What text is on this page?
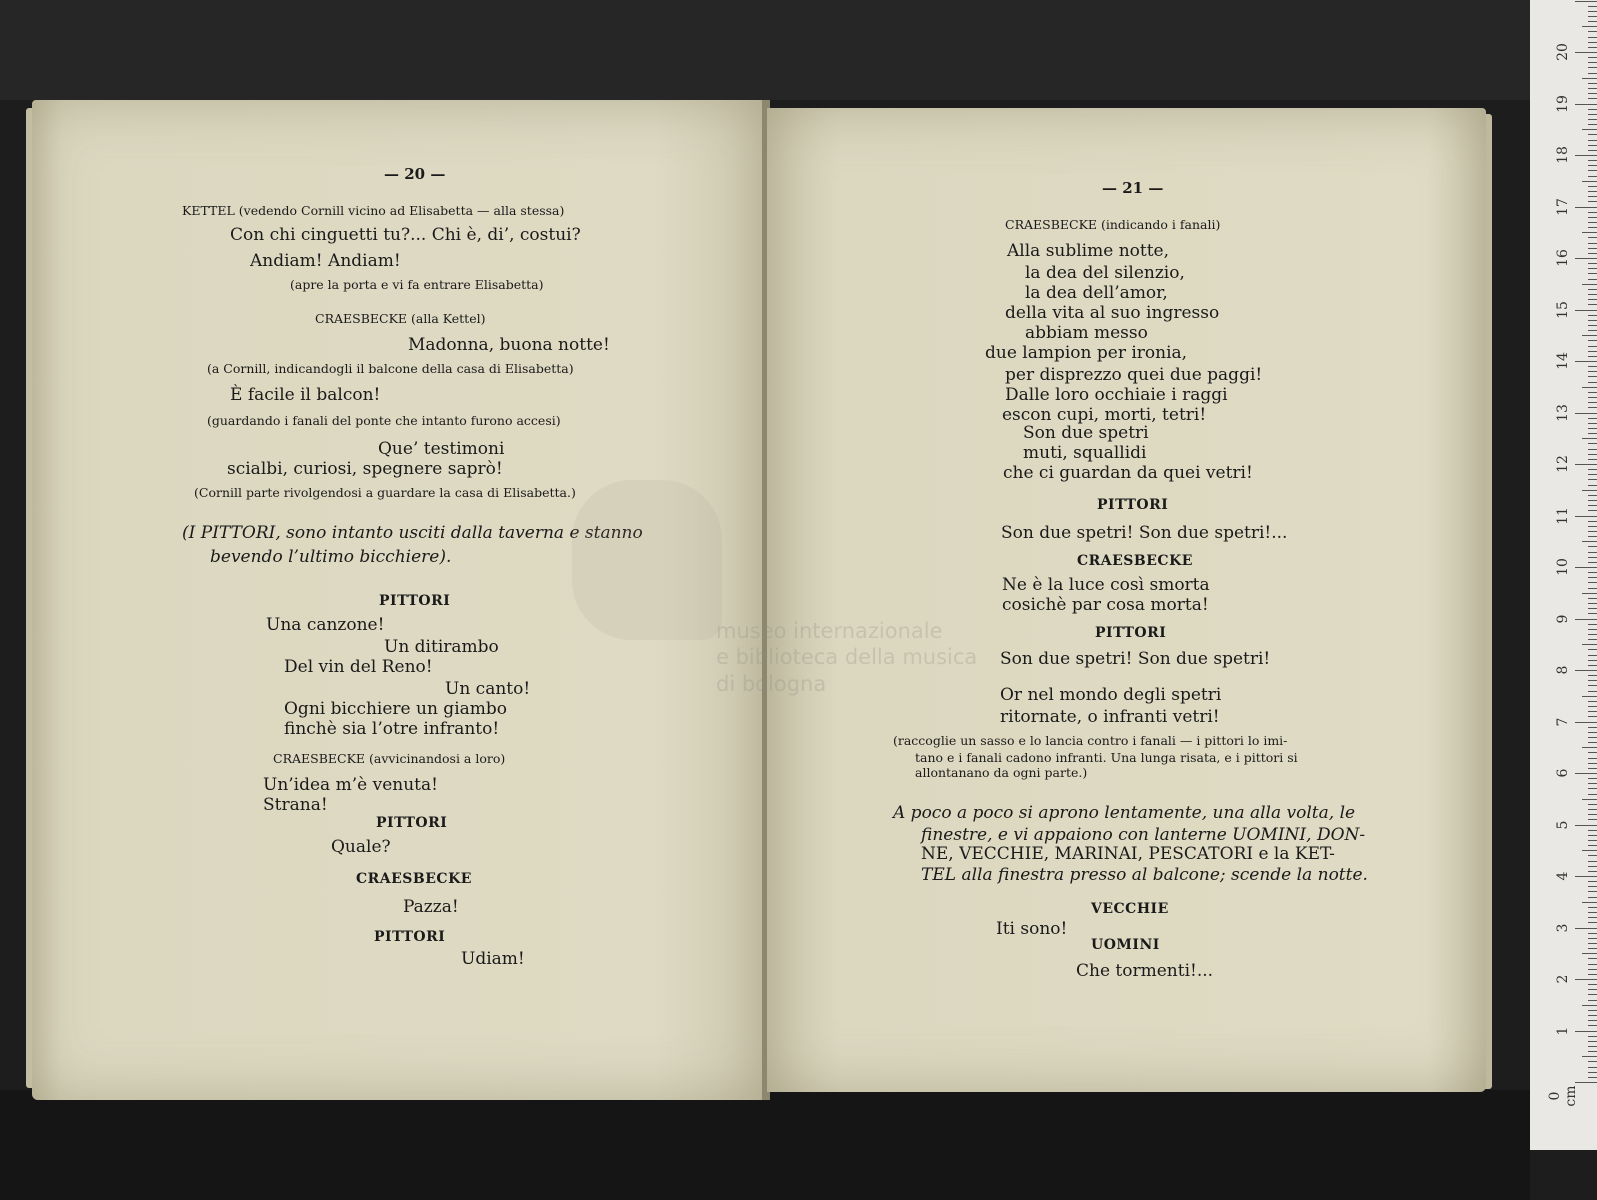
— 20 —
KETTEL (vedendo Cornill vicino ad Elisabetta — alla stessa)
Con chi cinguetti tu?... Chi è, di’, costui?
Andiam! Andiam!
(apre la porta e vi fa entrare Elisabetta)
CRAESBECKE (alla Kettel)
Madonna, buona notte!
(a Cornill, indicandogli il balcone della casa di Elisabetta)
È facile il balcon!
(guardando i fanali del ponte che intanto furono accesi)
Que’ testimoni
scialbi, curiosi, spegnere saprò!
(Cornill parte rivolgendosi a guardare la casa di Elisabetta.)
(I PITTORI, sono intanto usciti dalla taverna e stanno
bevendo l’ultimo bicchiere).
PITTORI
Una canzone!
Un ditirambo
Del vin del Reno!
Un canto!
Ogni bicchiere un giambo
finchè sia l’otre infranto!
CRAESBECKE (avvicinandosi a loro)
Un’idea m’è venuta!
Strana!
PITTORI
Quale?
CRAESBECKE
Pazza!
PITTORI
Udiam!
— 21 —
CRAESBECKE (indicando i fanali)
Alla sublime notte,
la dea del silenzio,
la dea dell’amor,
della vita al suo ingresso
abbiam messo
due lampion per ironia,
per disprezzo quei due paggi!
Dalle loro occhiaie i raggi
escon cupi, morti, tetri!
Son due spetri
muti, squallidi
che ci guardan da quei vetri!
PITTORI
Son due spetri! Son due spetri!...
CRAESBECKE
Ne è la luce così smorta
cosichè par cosa morta!
PITTORI
Son due spetri! Son due spetri!
Or nel mondo degli spetri
ritornate, o infranti vetri!
(raccoglie un sasso e lo lancia contro i fanali — i pittori lo imi-
tano e i fanali cadono infranti. Una lunga risata, e i pittori si
allontanano da ogni parte.)
A poco a poco si aprono lentamente, una alla volta, le
finestre, e vi appaiono con lanterne UOMINI, DON-
NE, VECCHIE, MARINAI, PESCATORI e la KET-
TEL alla finestra presso al balcone; scende la notte.
VECCHIE
Iti sono!
UOMINI
Che tormenti!...
museo internazionale
e biblioteca della musica
di bologna
0 cm
1
2
3
4
5
6
7
8
9
10
11
12
13
14
15
16
17
18
19
20
